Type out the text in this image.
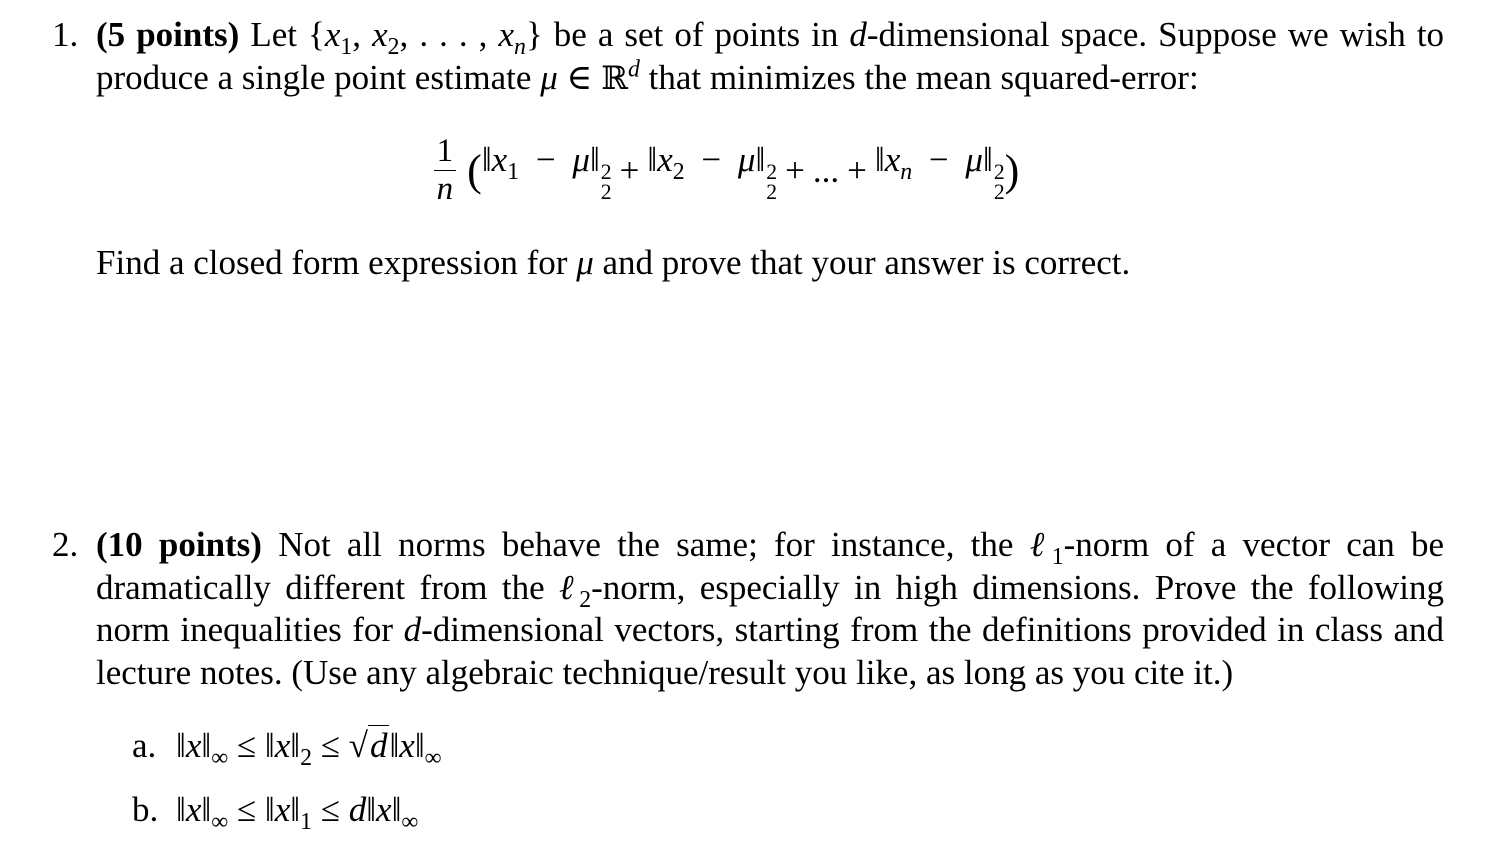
1. (5 points) Let {$x_1$, $x_2$, . . . , $x_n$} be a set of points in d-dimensional space. Suppose we wish to produce a single point estimate μ ∈ ℝ$^d$ that minimizes the mean squared-error:

$\frac{1}{n}$ ( $‖x_1$ − μ‖ 2
2
+ $‖x_2$ − μ‖ 2
2
+ ... + $‖x_n$ − μ‖ 2
2 )

Find a closed form expression for μ and prove that your answer is correct.

2. (10 points) Not all norms behave the same; for instance, the ℓ$_1$-norm of a vector can be dramatically different from the ℓ$_2$-norm, especially in high dimensions. Prove the following norm inequalities for d-dimensional vectors, starting from the definitions provided in class and lecture notes. (Use any algebraic technique/result you like, as long as you cite it.)

a. $‖x‖_\infty$ ≤ $‖x‖_2$ ≤ $√d‖x‖_\infty$
b. $‖x‖_\infty$ ≤ $‖x‖_1$ ≤ $d‖x‖_\infty$
